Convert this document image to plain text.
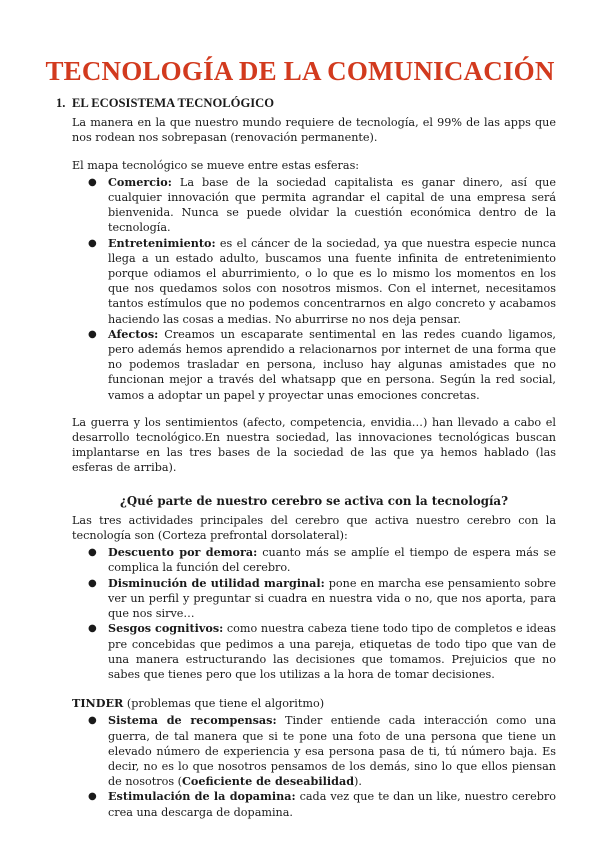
TECNOLOGÍA DE LA COMUNICACIÓN
1. EL ECOSISTEMA TECNOLÓGICO

La manera en la que nuestro mundo requiere de tecnología, el 99% de las apps que nos rodean nos sobrepasan (renovación permanente).

El mapa tecnológico se mueve entre estas esferas:

● Comercio: La base de la sociedad capitalista es ganar dinero, así que cualquier innovación que permita agrandar el capital de una empresa será bienvenida. Nunca se puede olvidar la cuestión económica dentro de la tecnología.
● Entretenimiento: es el cáncer de la sociedad, ya que nuestra especie nunca llega a un estado adulto, buscamos una fuente infinita de entretenimiento porque odiamos el aburrimiento, o lo que es lo mismo los momentos en los que nos quedamos solos con nosotros mismos. Con el internet, necesitamos tantos estímulos que no podemos concentrarnos en algo concreto y acabamos haciendo las cosas a medias. No aburrirse no nos deja pensar.
● Afectos: Creamos un escaparate sentimental en las redes cuando ligamos, pero además hemos aprendido a relacionarnos por internet de una forma que no podemos trasladar en persona, incluso hay algunas amistades que no funcionan mejor a través del whatsapp que en persona. Según la red social, vamos a adoptar un papel y proyectar unas emociones concretas.

La guerra y los sentimientos (afecto, competencia, envidia…) han llevado a cabo el desarrollo tecnológico.En nuestra sociedad, las innovaciones tecnológicas buscan implantarse en las tres bases de la sociedad de las que ya hemos hablado (las esferas de arriba).

¿Qué parte de nuestro cerebro se activa con la tecnología?

Las tres actividades principales del cerebro que activa nuestro cerebro con la tecnología son (Corteza prefrontal dorsolateral):

● Descuento por demora: cuanto más se amplíe el tiempo de espera más se complica la función del cerebro.
● Disminución de utilidad marginal: pone en marcha ese pensamiento sobre ver un perfil y preguntar si cuadra en nuestra vida o no, que nos aporta, para que nos sirve…
● Sesgos cognitivos: como nuestra cabeza tiene todo tipo de completos e ideas pre concebidas que pedimos a una pareja, etiquetas de todo tipo que van de una manera estructurando las decisiones que tomamos. Prejuicios que no sabes que tienes pero que los utilizas a la hora de tomar decisiones.

TINDER (problemas que tiene el algoritmo)

● Sistema de recompensas: Tinder entiende cada interacción como una guerra, de tal manera que si te pone una foto de una persona que tiene un elevado número de experiencia y esa persona pasa de ti, tú número baja. Es decir, no es lo que nosotros pensamos de los demás, sino lo que ellos piensan de nosotros (Coeficiente de deseabilidad).
● Estimulación de la dopamina: cada vez que te dan un like, nuestro cerebro crea una descarga de dopamina.
